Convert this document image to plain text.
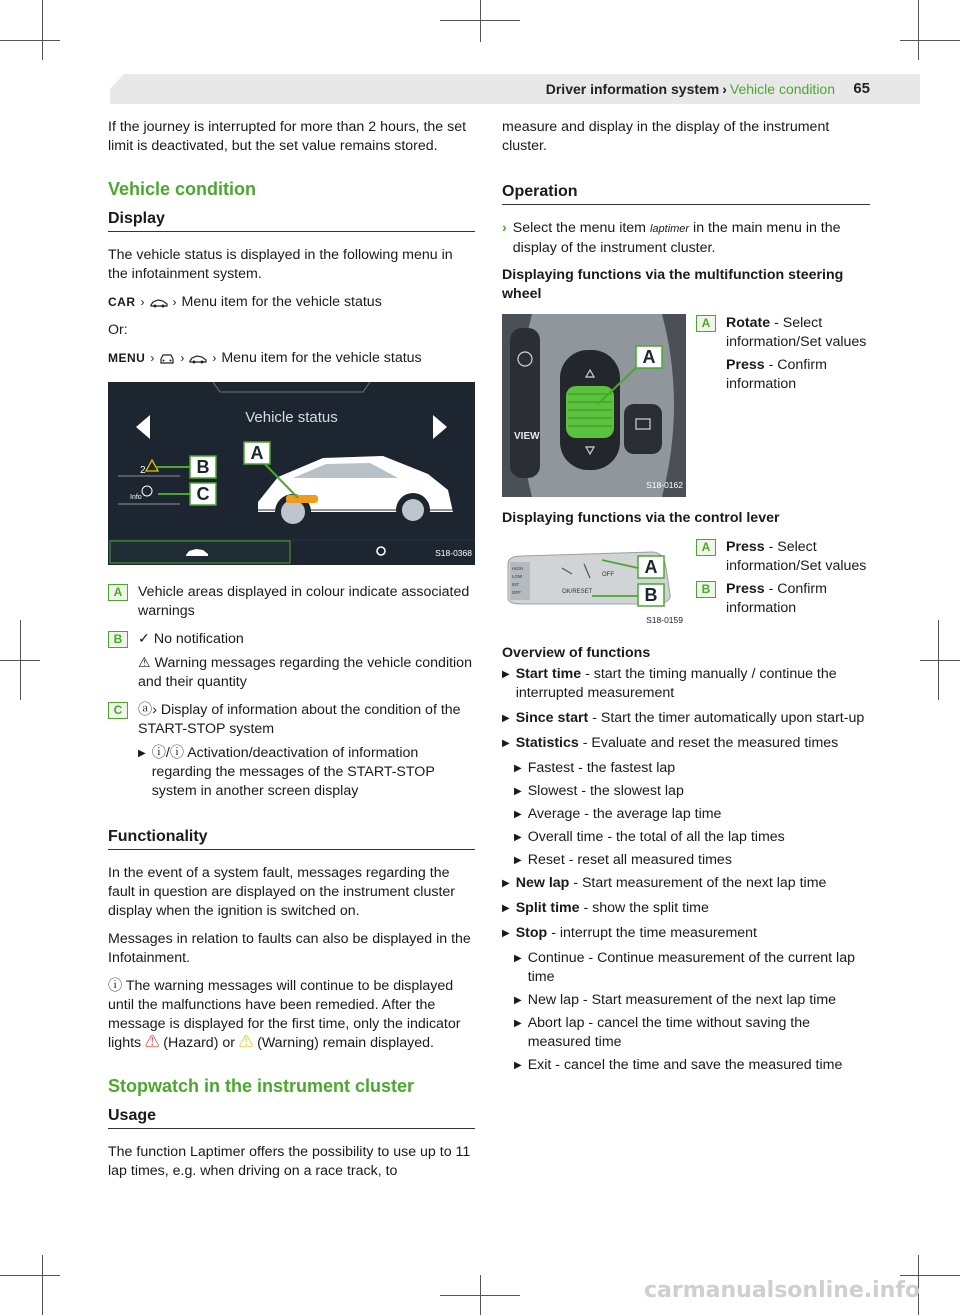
Driver information system › Vehicle condition 65

If the journey is interrupted for more than 2 hours, the set limit is deactivated, but the set value remains stored.

Vehicle condition
Display

The vehicle status is displayed in the following menu in the infotainment system.

CAR › › Menu item for the vehicle status

Or:

MENU › › › Menu item for the vehicle status
A
2	B
Info	C
Vehicle status
S18-0368
A	Vehicle areas displayed in colour indicate associated warnings
B	✓ No notification
⚠ Warning messages regarding the vehicle condition and their quantity
C	ⓐ› Display of information about the condition of the START-STOP system
▶ ⓘ/ⓘ Activation/deactivation of information regarding the messages of the START-STOP system in another screen display
Functionality

In the event of a system fault, messages regarding the fault in question are displayed on the instrument cluster display when the ignition is switched on.

Messages in relation to faults can also be displayed in the Infotainment.

ⓘ The warning messages will continue to be displayed until the malfunctions have been remedied. After the message is displayed for the first time, only the indicator lights ⚠ (Hazard) or ⚠ (Warning) remain displayed.

Stopwatch in the instrument cluster
Usage

The function Laptimer offers the possibility to use up to 11 lap times, e.g. when driving on a race track, to

measure and display in the display of the instrument cluster.

Operation
› Select the menu item laptimer in the main menu in the display of the instrument cluster.

Displaying functions via the multifunction steering wheel

VIEW
A
S18-0162
A	Rotate - Select information/Set values

Press - Confirm information

Displaying functions via the control lever

HIGH
LOW
INT
OFF
OFF
OK/RESET
A
B
S18-0159
A	Press - Select information/Set values
B	Press - Confirm information

Overview of functions

▶ Start time - start the timing manually / continue the interrupted measurement
▶ Since start - Start the timer automatically upon start-up
▶ Statistics - Evaluate and reset the measured times
▶ Fastest - the fastest lap
▶ Slowest - the slowest lap
▶ Average - the average lap time
▶ Overall time - the total of all the lap times
▶ Reset - reset all measured times
▶ New lap - Start measurement of the next lap time
▶ Split time - show the split time
▶ Stop - interrupt the time measurement
▶ Continue - Continue measurement of the current lap time
▶ New lap - Start measurement of the next lap time
▶ Abort lap - cancel the time without saving the measured time
▶ Exit - cancel the time and save the measured time
carmanualsonline.info
